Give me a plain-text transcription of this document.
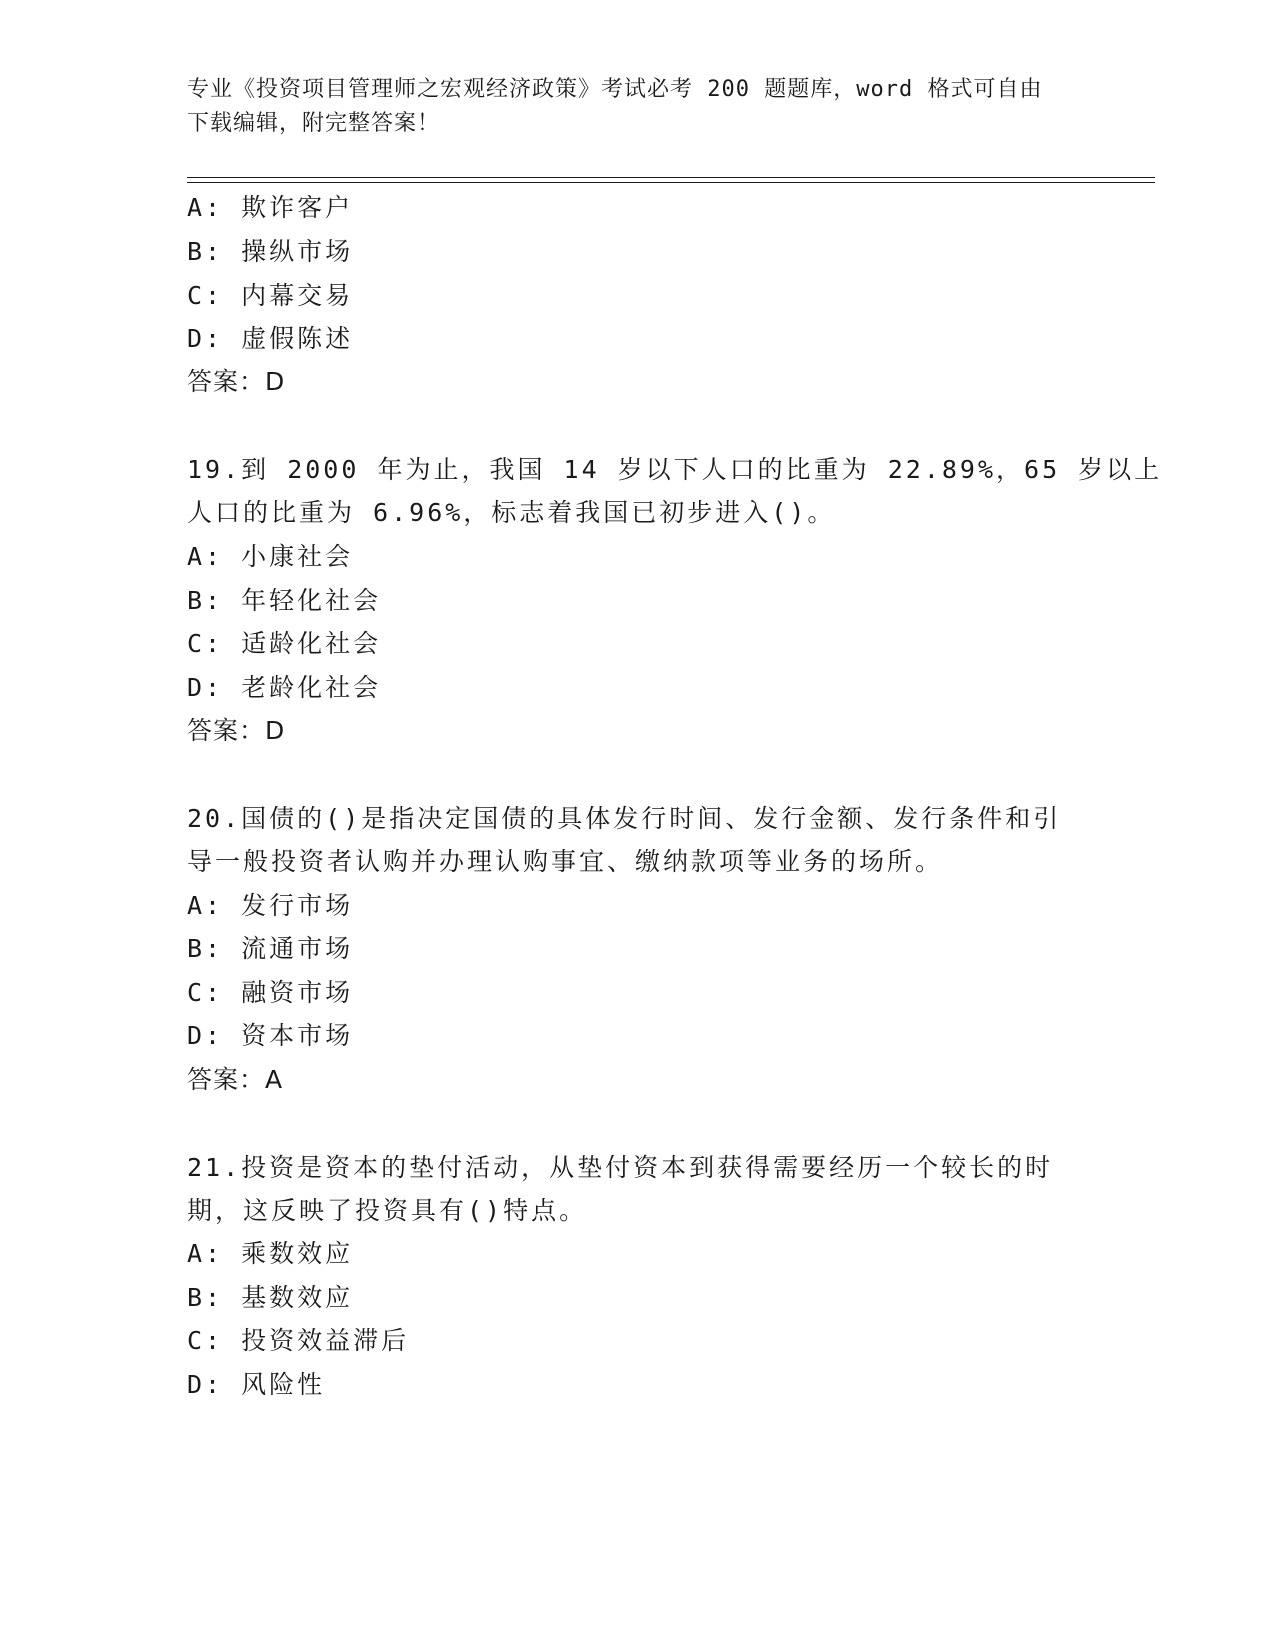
专业《投资项目管理师之宏观经济政策》考试必考 200 题题库，word 格式可自由
下载编辑，附完整答案！
A: 欺诈客户
B: 操纵市场
C: 内幕交易
D: 虚假陈述
答案：D
19.到 2000 年为止，我国 14 岁以下人口的比重为 22.89%，65 岁以上
人口的比重为 6.96%，标志着我国已初步进入()。
A: 小康社会
B: 年轻化社会
C: 适龄化社会
D: 老龄化社会
答案：D
20.国债的()是指决定国债的具体发行时间、发行金额、发行条件和引
导一般投资者认购并办理认购事宜、缴纳款项等业务的场所。
A: 发行市场
B: 流通市场
C: 融资市场
D: 资本市场
答案：A
21.投资是资本的垫付活动，从垫付资本到获得需要经历一个较长的时
期，这反映了投资具有()特点。
A: 乘数效应
B: 基数效应
C: 投资效益滞后
D: 风险性
